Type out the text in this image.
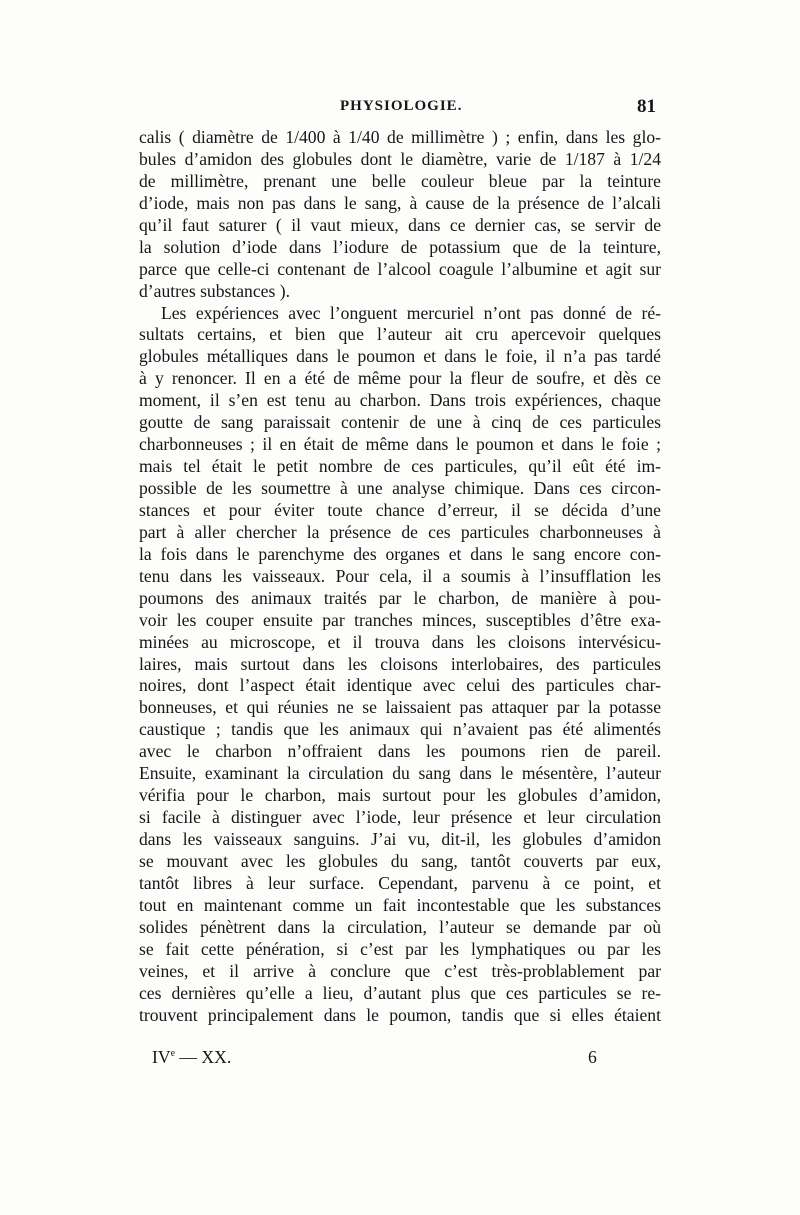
PHYSIOLOGIE.	81
calis ( diamètre de 1/400 à 1/40 de millimètre ) ; enfin, dans les glo-
bules d’amidon des globules dont le diamètre, varie de 1/187 à 1/24
de millimètre, prenant une belle couleur bleue par la teinture
d’iode, mais non pas dans le sang, à cause de la présence de l’alcali
qu’il faut saturer ( il vaut mieux, dans ce dernier cas, se servir de
la solution d’iode dans l’iodure de potassium que de la teinture,
parce que celle-ci contenant de l’alcool coagule l’albumine et agit sur
d’autres substances ).
Les expériences avec l’onguent mercuriel n’ont pas donné de ré-
sultats certains, et bien que l’auteur ait cru apercevoir quelques
globules métalliques dans le poumon et dans le foie, il n’a pas tardé
à y renoncer. Il en a été de même pour la fleur de soufre, et dès ce
moment, il s’en est tenu au charbon. Dans trois expériences, chaque
goutte de sang paraissait contenir de une à cinq de ces particules
charbonneuses ; il en était de même dans le poumon et dans le foie ;
mais tel était le petit nombre de ces particules, qu’il eût été im-
possible de les soumettre à une analyse chimique. Dans ces circon-
stances et pour éviter toute chance d’erreur, il se décida d’une
part à aller chercher la présence de ces particules charbonneuses à
la fois dans le parenchyme des organes et dans le sang encore con-
tenu dans les vaisseaux. Pour cela, il a soumis à l’insufflation les
poumons des animaux traités par le charbon, de manière à pou-
voir les couper ensuite par tranches minces, susceptibles d’être exa-
minées au microscope, et il trouva dans les cloisons intervésicu-
laires, mais surtout dans les cloisons interlobaires, des particules
noires, dont l’aspect était identique avec celui des particules char-
bonneuses, et qui réunies ne se laissaient pas attaquer par la potasse
caustique ; tandis que les animaux qui n’avaient pas été alimentés
avec le charbon n’offraient dans les poumons rien de pareil.
Ensuite, examinant la circulation du sang dans le mésentère, l’auteur
vérifia pour le charbon, mais surtout pour les globules d’amidon,
si facile à distinguer avec l’iode, leur présence et leur circulation
dans les vaisseaux sanguins. J’ai vu, dit-il, les globules d’amidon
se mouvant avec les globules du sang, tantôt couverts par eux,
tantôt libres à leur surface. Cependant, parvenu à ce point, et
tout en maintenant comme un fait incontestable que les substances
solides pénètrent dans la circulation, l’auteur se demande par où
se fait cette pénération, si c’est par les lymphatiques ou par les
veines, et il arrive à conclure que c’est très-problablement par
ces dernières qu’elle a lieu, d’autant plus que ces particules se re-
trouvent principalement dans le poumon, tandis que si elles étaient
IVe — XX.	6
